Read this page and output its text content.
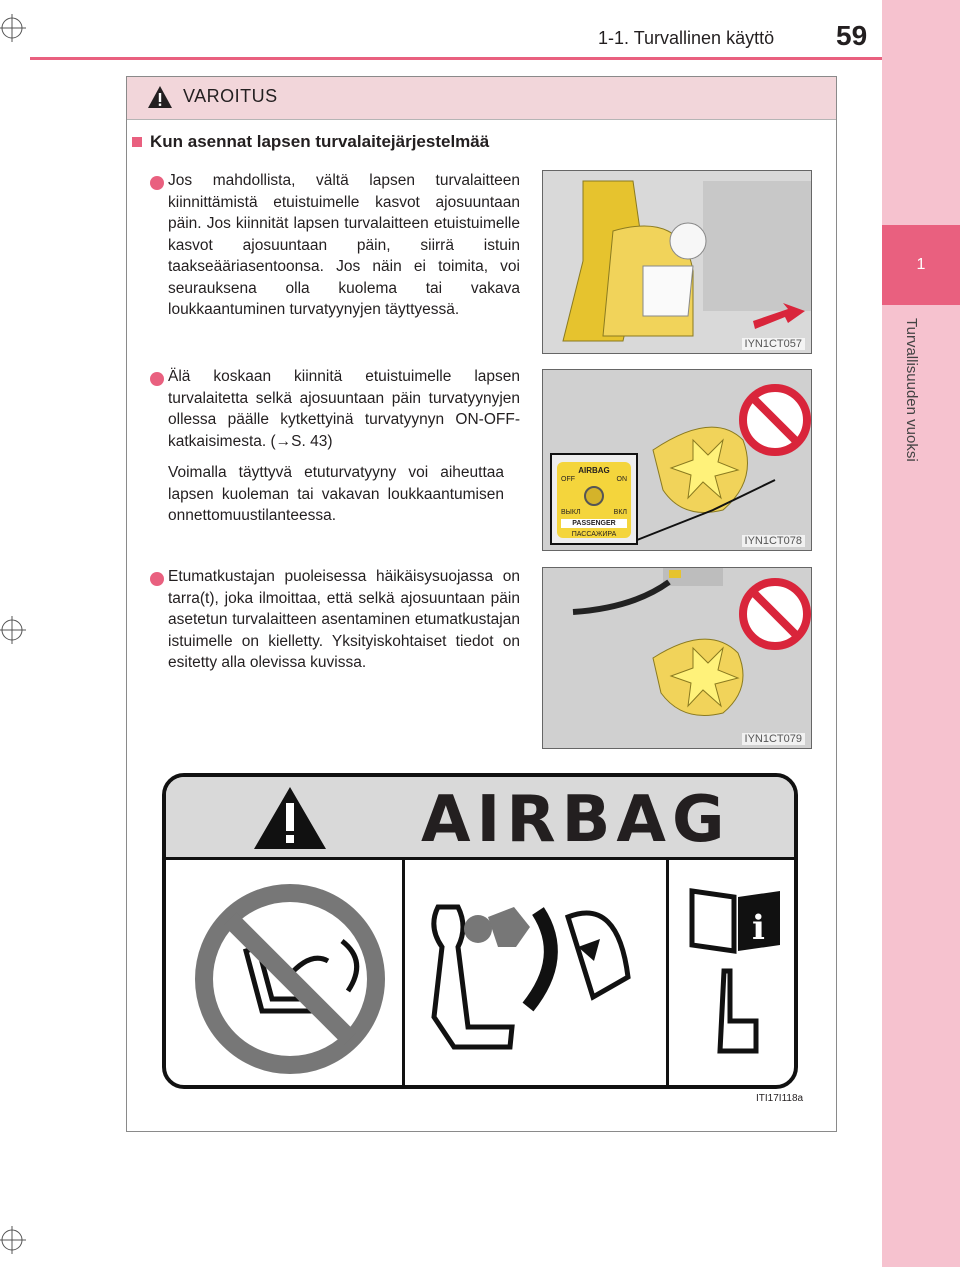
1
Turvallisuuden vuoksi
1-1. Turvallinen käyttö 59
VAROITUS
Kun asennat lapsen turvalaitejärjestelmää
Jos mahdollista, vältä lapsen turvalaitteen kiinnittämistä etuistuimelle kasvot ajosuuntaan päin. Jos kiinnität lapsen turvalaitteen etuistuimelle kasvot ajosuuntaan päin, siirrä istuin taakseääriasentoonsa. Jos näin ei toimita, voi seurauksena olla kuolema tai vakava loukkaantuminen turvatyynyjen täyttyessä.
IYN1CT057
Älä koskaan kiinnitä etuistuimelle lapsen turvalaitetta selkä ajosuuntaan päin turvatyynyjen ollessa päälle kytkettyinä turvatyynyn ON-OFF-katkaisimesta. (→S. 43)
Voimalla täyttyvä etuturvatyyny voi aiheuttaa lapsen kuoleman tai vakavan loukkaantumisen onnettomuustilanteessa.
AIRBAG
OFF	ON
ВЫКЛ	ВКЛ
PASSENGER
ПАССАЖИРА
IYN1CT078
Etumatkustajan puoleisessa häikäisysuojassa on tarra(t), joka ilmoittaa, että selkä ajosuuntaan päin asetetun turvalaitteen asentaminen etumatkustajan istuimelle on kielletty. Yksityiskohtaiset tiedot on esitetty alla olevissa kuvissa.
IYN1CT079
AIRBAG
i
ITI17I118a
